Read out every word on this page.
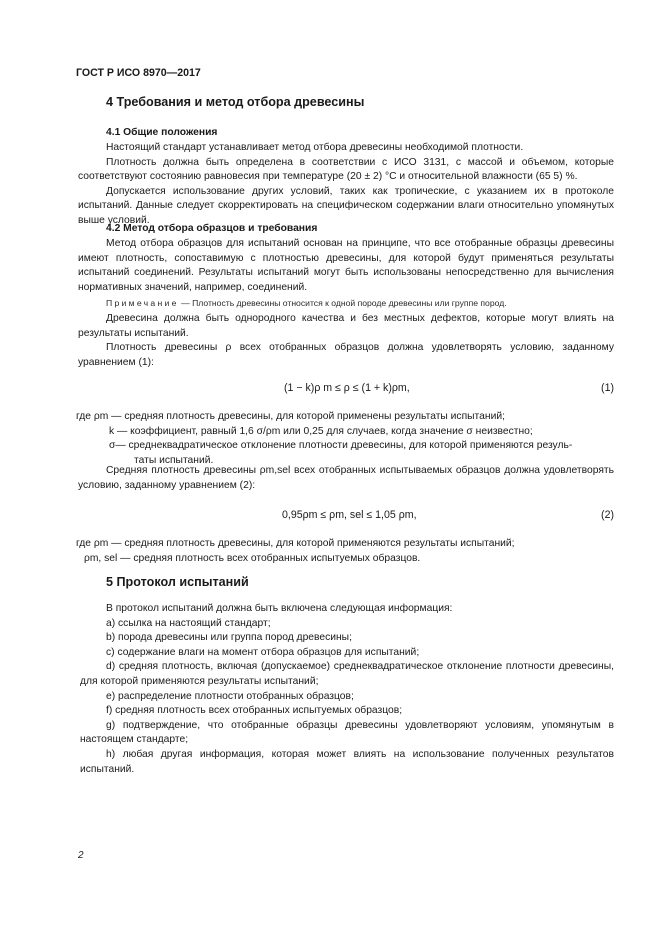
ГОСТ Р ИСО 8970—2017
4 Требования и метод отбора древесины
4.1 Общие положения

Настоящий стандарт устанавливает метод отбора древесины необходимой плотности.

Плотность должна быть определена в соответствии с ИСО 3131, с массой и объемом, которые соответствуют состоянию равновесия при температуре (20 ± 2) °С и относительной влажности (65 5) %.

Допускается использование других условий, таких как тропические, с указанием их в протоколе испытаний. Данные следует скорректировать на специфическом содержании влаги относительно упомянутых выше условий.

4.2 Метод отбора образцов и требования

Метод отбора образцов для испытаний основан на принципе, что все отобранные образцы древесины имеют плотность, сопоставимую с плотностью древесины, для которой будут применяться результаты испытаний соединений. Результаты испытаний могут быть использованы непосредственно для вычисления нормативных значений, например, соединений.

Примечание — Плотность древесины относится к одной породе древесины или группе пород.

Древесина должна быть однородного качества и без местных дефектов, которые могут влиять на результаты испытаний.

Плотность древесины ρ всех отобранных образцов должна удовлетворять условию, заданному уравнением (1):

(1 − k)ρ m ≤ ρ ≤ (1 + k)ρm,	(1)
где ρm — средняя плотность древесины, для которой применены результаты испытаний;
k — коэффициент, равный 1,6 σ/ρm или 0,25 для случаев, когда значение σ неизвестно;
σ— среднеквадратическое отклонение плотности древесины, для которой применяются резуль-
таты испытаний.

Средняя плотность древесины ρm,sel всех отобранных испытываемых образцов должна удовлетворять условию, заданному уравнением (2):

0,95ρm ≤ ρm, sel ≤ 1,05 ρm,	(2)
где ρm — средняя плотность древесины, для которой применяются результаты испытаний;
ρm, sel — средняя плотность всех отобранных испытуемых образцов.
5 Протокол испытаний

В протокол испытаний должна быть включена следующая информация:

a) ссылка на настоящий стандарт;

b) порода древесины или группа пород древесины;

c) содержание влаги на момент отбора образцов для испытаний;

d) средняя плотность, включая (допускаемое) среднеквадратическое отклонение плотности древесины, для которой применяются результаты испытаний;

e) распределение плотности отобранных образцов;

f) средняя плотность всех отобранных испытуемых образцов;

g) подтверждение, что отобранные образцы древесины удовлетворяют условиям, упомянутым в настоящем стандарте;

h) любая другая информация, которая может влиять на использование полученных результатов испытаний.

2
